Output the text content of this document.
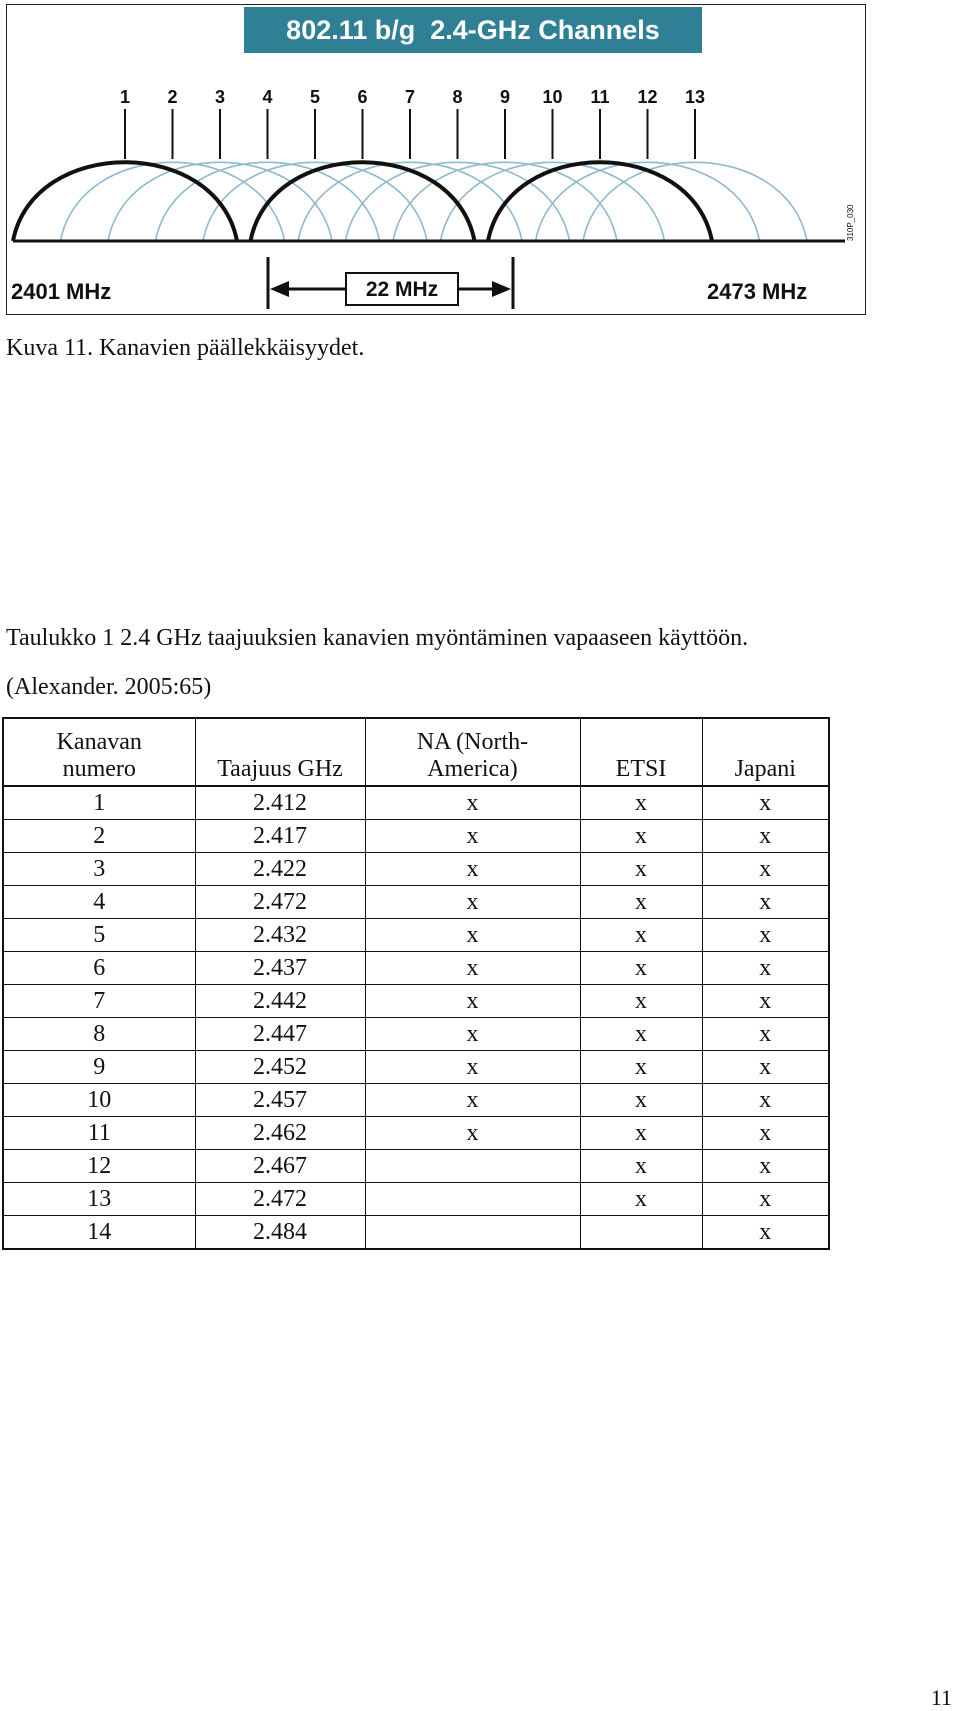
802.11 b/g  2.4-GHz Channels
1 2 3 4 5 6 7 8 9 10 11 12 13
2401 MHz	2473 MHz
22 MHz
310P_030
Kuva 11. Kanavien päällekkäisyydet.
Taulukko 1 2.4 GHz taajuuksien kanavien myöntäminen vapaaseen käyttöön.
(Alexander. 2005:65)
Kanavan
numero	Taajuus GHz	NA (North-
America)	ETSI	Japani
1	2.412	x	x	x
2	2.417	x	x	x
3	2.422	x	x	x
4	2.472	x	x	x
5	2.432	x	x	x
6	2.437	x	x	x
7	2.442	x	x	x
8	2.447	x	x	x
9	2.452	x	x	x
10	2.457	x	x	x
11	2.462	x	x	x
12	2.467		x	x
13	2.472		x	x
14	2.484			x
11
